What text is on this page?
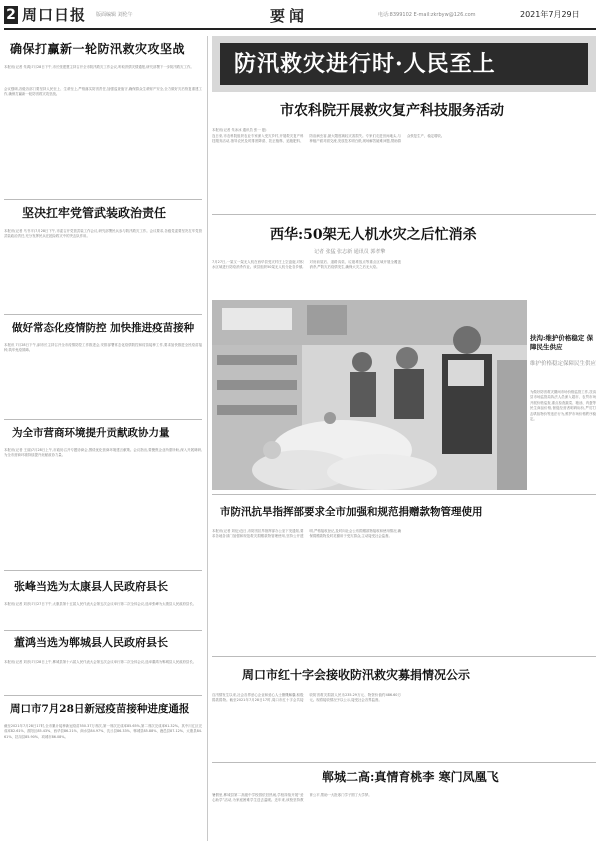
2 周口日报 版面编辑 刘伦午	要闻	电话:8399102 E-mail:zkrbyw@126.com	2021年7月29日
确保打赢新一轮防汛救灾攻坚战
本报讯(记者 朱鸿)7月28日下午,市长张建慧主持召开全市防汛救灾工作会议,听取汛情灾情通报,研究部署下一步防汛救灾工作。
会议强调,各级各部门要坚持人民至上、生命至上,严格落实防汛责任,加强巡查值守,确保群众生命财产安全,全力做好灾后恢复重建工作,确保打赢新一轮防汛救灾攻坚战。
坚决扛牢党管武装政治责任
本报讯(记者 马书平)7月28日下午,市委召开党管武装工作会议,研究部署民兵参与防汛救灾工作。会议要求,各级党委要坚决扛牢党管武装政治责任,充分发挥民兵在抢险救灾中的突击队作用。
做好常态化疫情防控 加快推进疫苗接种
本报讯 7月28日下午,副市长主持召开全市疫情防控工作推进会,安排部署常态化疫情防控和疫苗接种工作,要求加快推进全民疫苗接种,筑牢免疫屏障。
为全市营商环境提升贡献政协力量
本报讯(记者 王丽)7月28日上午,市政协召开专题协商会,围绕优化营商环境建言献策。会议指出,要聚焦企业所需所盼,深入开展调研,为全市营商环境持续提升贡献政协力量。
张峰当选为太康县人民政府县长
本报讯(记者 刘彦)7月27日下午,太康县第十五届人民代表大会第五次会议举行第二次全体会议,选举张峰为太康县人民政府县长。
董鸿当选为郸城县人民政府县长
本报讯(记者 刘彦)7月28日上午,郸城县第十六届人民代表大会第五次会议举行第二次全体会议,选举董鸿为郸城县人民政府县长。
周口市7月28日新冠疫苗接种进度通报
截至2021年7月28日17时,全市累计接种新冠疫苗550.37万剂次,第一剂次完成率85.65%,第二剂次完成率61.32%。其中川汇区完成率82.61%、淮阳区85.43%、西华县86.21%、商水县84.97%、沈丘县86.33%、郸城县85.88%、鹿邑县87.12%、太康县84.61%、扶沟县85.90%、项城市86.08%。
防汛救灾进行时·人民至上
市农科院开展救灾复产科技服务活动
本报讯(记者 朱冰冰 通讯员 张一 夏)
连日来,市农科院组织农业专家深入受灾乡村,开展救灾复产科技服务活动,指导农民及时排涝降渍、扶正植株、追施肥料、防治病虫害,最大限度减轻灾害损失。专家们走进田间地头,与种植户面对面交流,发放技术明白纸,现场解答疑难问题,帮助群众恢复生产、稳定增收。
西华:50架无人机水灾之后忙消杀
记者 张猛 张志新 通讯员 郭孝擎
7月27日,一架又一架无人机在西华县受灾村庄上空盘旋,对积水区域进行防疫消杀作业。该县组织50架无人机分赴各乡镇,对房前屋后、道路沟渠、垃圾堆放点等重点区域开展全覆盖消杀,严防灾后疫情发生,确保大灾之后无大疫。
扶沟:维护价格稳定 保障民生供应
维护价格稳定保障民生供应
为做好防汛救灾期间市场价格监管工作,扶沟县市场监管局执法人员深入超市、农贸市场开展价格巡查,重点检查蔬菜、粮油、肉蛋等民生商品价格,督促经营者明码标价,严厉打击哄抬物价等违法行为,维护市场价格秩序稳定。
市防汛抗旱指挥部要求全市加强和规范捐赠款物管理使用
本报讯(记者 刘伦)近日,市防汛抗旱指挥部办公室下发通知,要求各地各部门加强和规范救灾捐赠款物管理使用,坚持公开透明,严格接收登记,及时向社会公布捐赠款物接收和使用情况,确保捐赠款物及时足额用于受灾群众,主动接受社会监督。
周口市红十字会接收防汛救灾募捐情况公示
自汛情发生以来,社会各界爱心企业和爱心人士慷慨解囊,积极捐款捐物。截至2021年7月28日17时,周口市红十字会共接收防汛救灾捐款人民币235.29万元、物资价值约486.60万元。现将接收情况予以公示,接受社会各界监督。
郸城二高:真情育桃李 寒门凤凰飞
暑假里,郸城县第二高级中学校园依旧热闹,学校持续开展“爱心助学”活动,为家庭困难学生送去温暖。近年来,该校坚持教育公平,帮助一大批寒门学子圆了大学梦。
